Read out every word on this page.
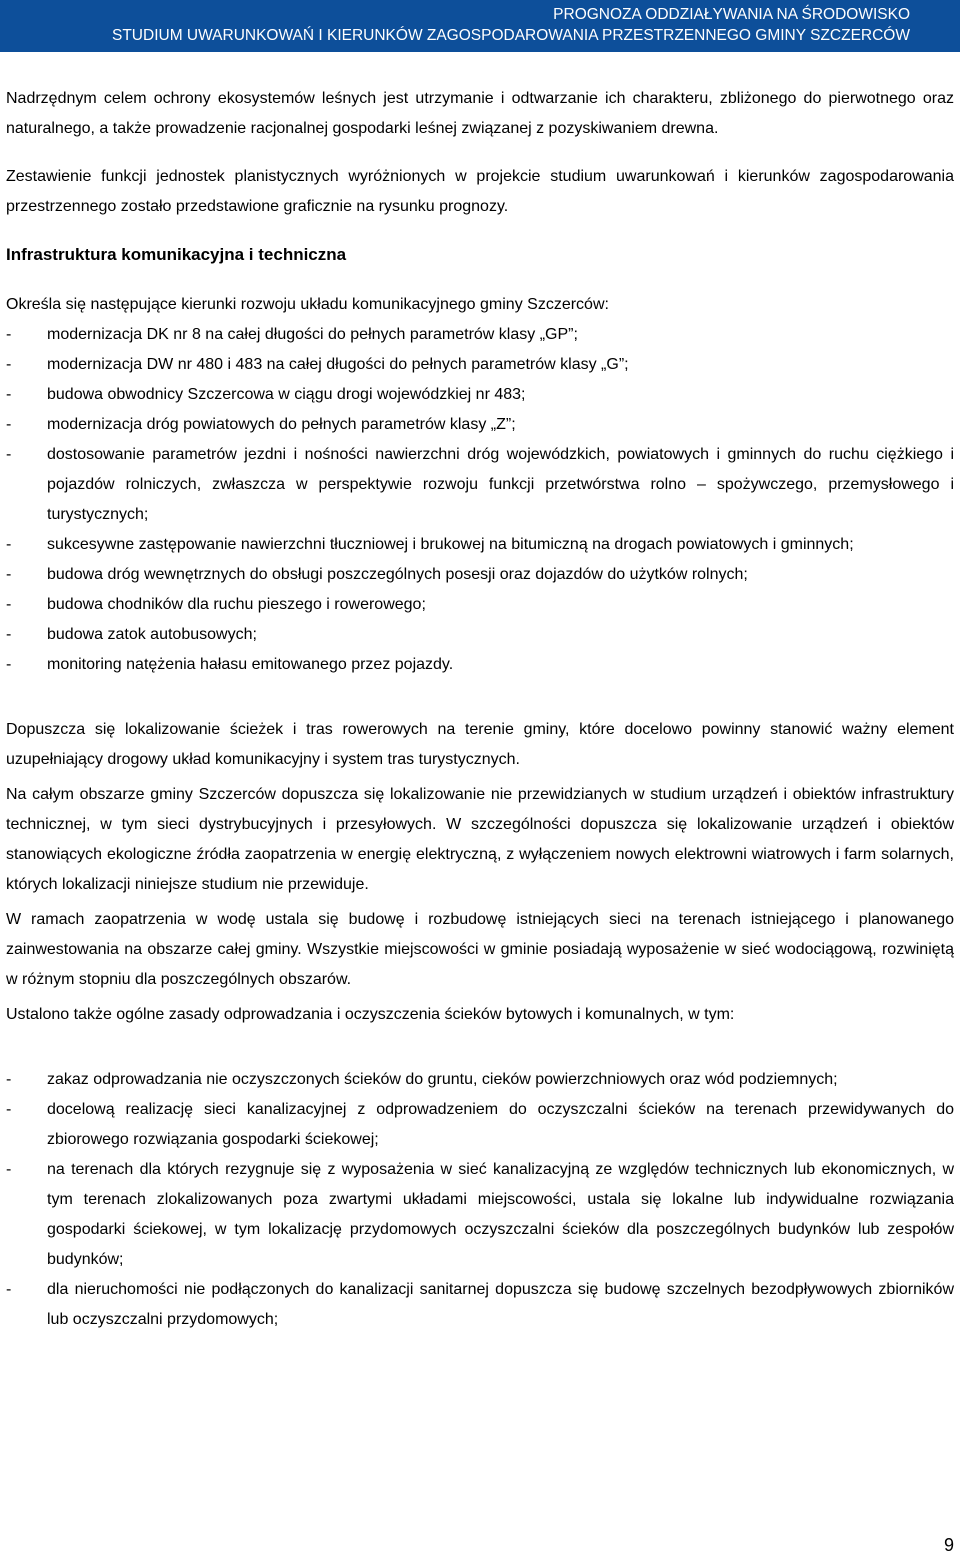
PROGNOZA ODDZIAŁYWANIA NA ŚRODOWISKO
STUDIUM UWARUNKOWAŃ I KIERUNKÓW ZAGOSPODAROWANIA PRZESTRZENNEGO GMINY SZCZERCÓW
Nadrzędnym celem ochrony ekosystemów leśnych jest utrzymanie i odtwarzanie ich charakteru, zbliżonego do pierwotnego oraz naturalnego, a także prowadzenie racjonalnej gospodarki leśnej związanej z pozyskiwaniem drewna.
Zestawienie funkcji jednostek planistycznych wyróżnionych w projekcie studium uwarunkowań i kierunków zagospodarowania przestrzennego zostało przedstawione graficznie na rysunku prognozy.
Infrastruktura komunikacyjna i techniczna
Określa się następujące kierunki rozwoju układu komunikacyjnego gminy Szczerców:
- modernizacja DK nr 8 na całej długości do pełnych parametrów klasy „GP”;
- modernizacja DW nr 480 i 483 na całej długości do pełnych parametrów klasy „G”;
- budowa obwodnicy Szczercowa w ciągu drogi wojewódzkiej nr 483;
- modernizacja dróg powiatowych do pełnych parametrów klasy „Z”;
- dostosowanie parametrów jezdni i nośności nawierzchni dróg wojewódzkich, powiatowych i gminnych do ruchu ciężkiego i pojazdów rolniczych, zwłaszcza w perspektywie rozwoju funkcji przetwórstwa rolno – spożywczego, przemysłowego i turystycznych;
- sukcesywne zastępowanie nawierzchni tłuczniowej i brukowej na bitumiczną na drogach powiatowych i gminnych;
- budowa dróg wewnętrznych do obsługi poszczególnych posesji oraz dojazdów do użytków rolnych;
- budowa chodników dla ruchu pieszego i rowerowego;
- budowa zatok autobusowych;
- monitoring natężenia hałasu emitowanego przez pojazdy.
Dopuszcza się lokalizowanie ścieżek i tras rowerowych na terenie gminy, które docelowo powinny stanowić ważny element uzupełniający drogowy układ komunikacyjny i system tras turystycznych.
Na całym obszarze gminy Szczerców dopuszcza się lokalizowanie nie przewidzianych w studium urządzeń i obiektów infrastruktury technicznej, w tym sieci dystrybucyjnych i przesyłowych. W szczególności dopuszcza się lokalizowanie urządzeń i obiektów stanowiących ekologiczne źródła zaopatrzenia w energię elektryczną, z wyłączeniem nowych elektrowni wiatrowych i farm solarnych, których lokalizacji niniejsze studium nie przewiduje.
W ramach zaopatrzenia w wodę ustala się budowę i rozbudowę istniejących sieci na terenach istniejącego i planowanego zainwestowania na obszarze całej gminy. Wszystkie miejscowości w gminie posiadają wyposażenie w sieć wodociągową, rozwiniętą w różnym stopniu dla poszczególnych obszarów.
Ustalono także ogólne zasady odprowadzania i oczyszczenia ścieków bytowych i komunalnych, w tym:
- zakaz odprowadzania nie oczyszczonych ścieków do gruntu, cieków powierzchniowych oraz wód podziemnych;
- docelową realizację sieci kanalizacyjnej z odprowadzeniem do oczyszczalni ścieków na terenach przewidywanych do zbiorowego rozwiązania gospodarki ściekowej;
- na terenach dla których rezygnuje się z wyposażenia w sieć kanalizacyjną ze względów technicznych lub ekonomicznych, w tym terenach zlokalizowanych poza zwartymi układami miejscowości, ustala się lokalne lub indywidualne rozwiązania gospodarki ściekowej, w tym lokalizację przydomowych oczyszczalni ścieków dla poszczególnych budynków lub zespołów budynków;
- dla nieruchomości nie podłączonych do kanalizacji sanitarnej dopuszcza się budowę szczelnych bezodpływowych zbiorników lub oczyszczalni przydomowych;
9
